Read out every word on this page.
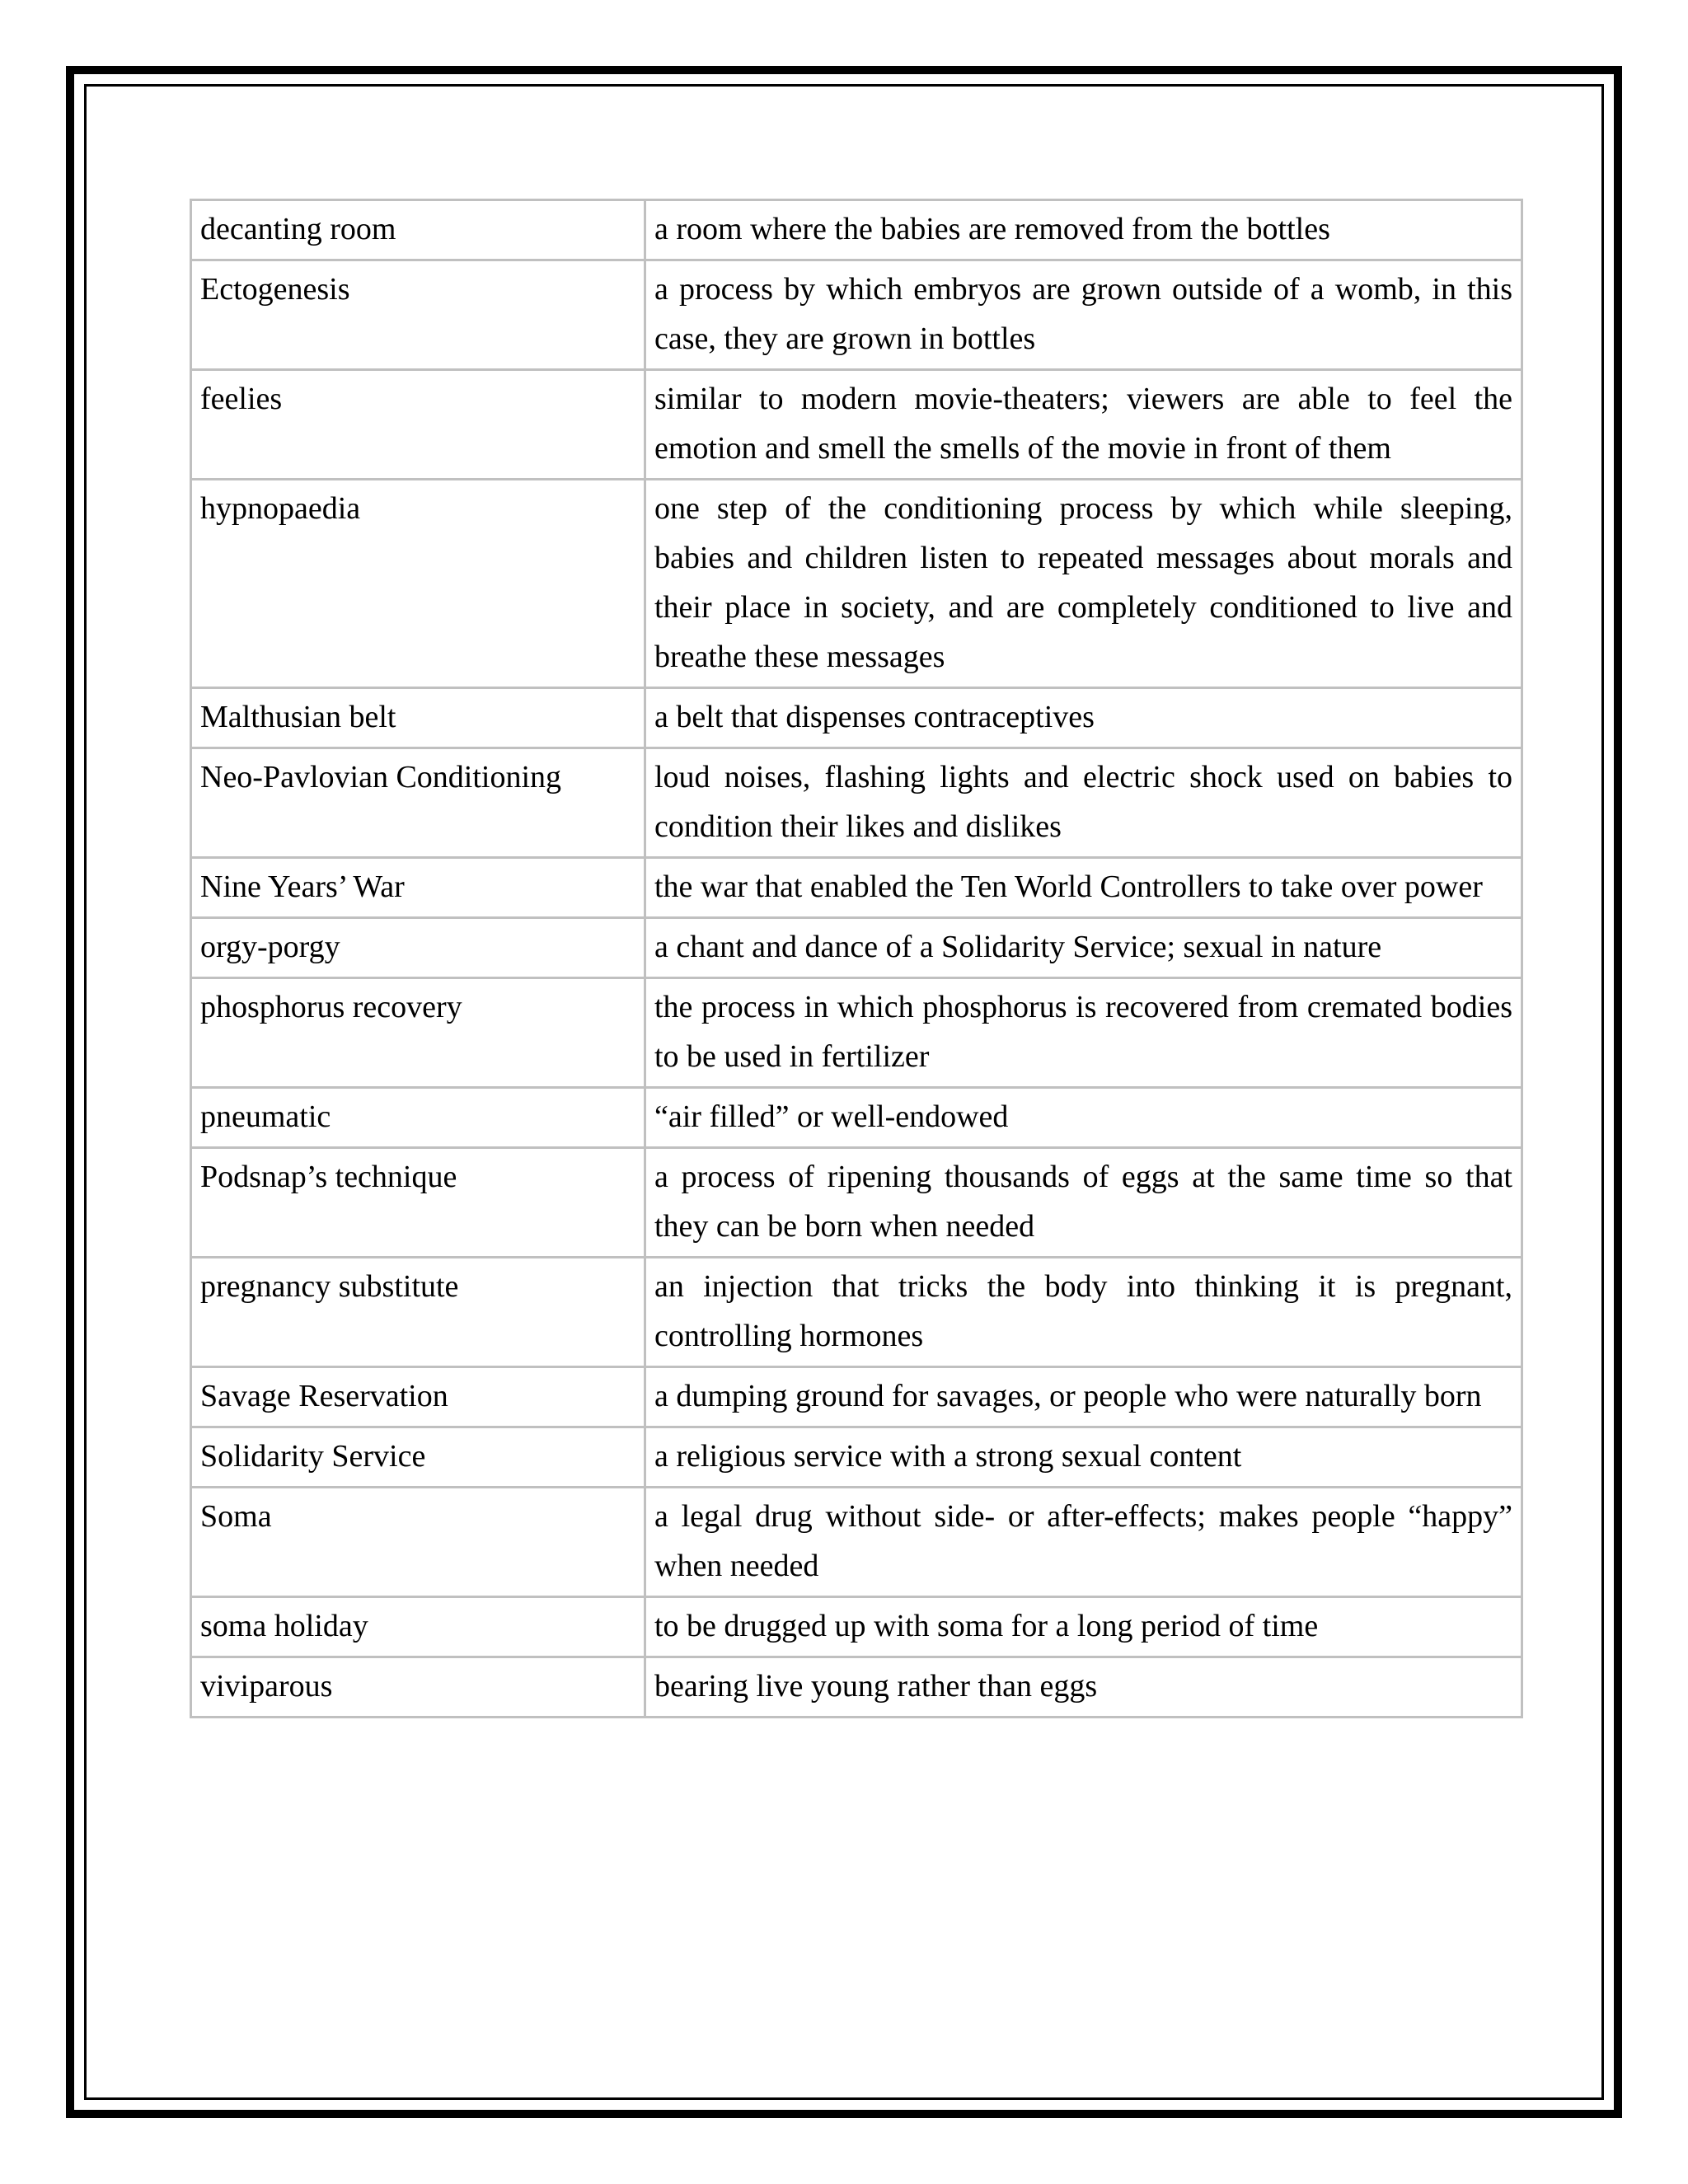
decanting room	a room where the babies are removed from the bottles
Ectogenesis	a process by which embryos are grown outside of a womb, in this case, they are grown in bottles
feelies	similar to modern movie-theaters; viewers are able to feel the emotion and smell the smells of the movie in front of them
hypnopaedia	one step of the conditioning process by which while sleeping, babies and children listen to repeated messages about morals and their place in society, and are completely conditioned to live and breathe these messages
Malthusian belt	a belt that dispenses contraceptives
Neo-Pavlovian Conditioning	loud noises, flashing lights and electric shock used on babies to condition their likes and dislikes
Nine Years’ War	the war that enabled the Ten World Controllers to take over power
orgy-porgy	a chant and dance of a Solidarity Service; sexual in nature
phosphorus recovery	the process in which phosphorus is recovered from cremated bodies to be used in fertilizer
pneumatic	“air filled” or well-endowed
Podsnap’s technique	a process of ripening thousands of eggs at the same time so that they can be born when needed
pregnancy substitute	an injection that tricks the body into thinking it is pregnant, controlling hormones
Savage Reservation	a dumping ground for savages, or people who were naturally born
Solidarity Service	a religious service with a strong sexual content
Soma	a legal drug without side- or after-effects; makes people “happy” when needed
soma holiday	to be drugged up with soma for a long period of time
viviparous	bearing live young rather than eggs
